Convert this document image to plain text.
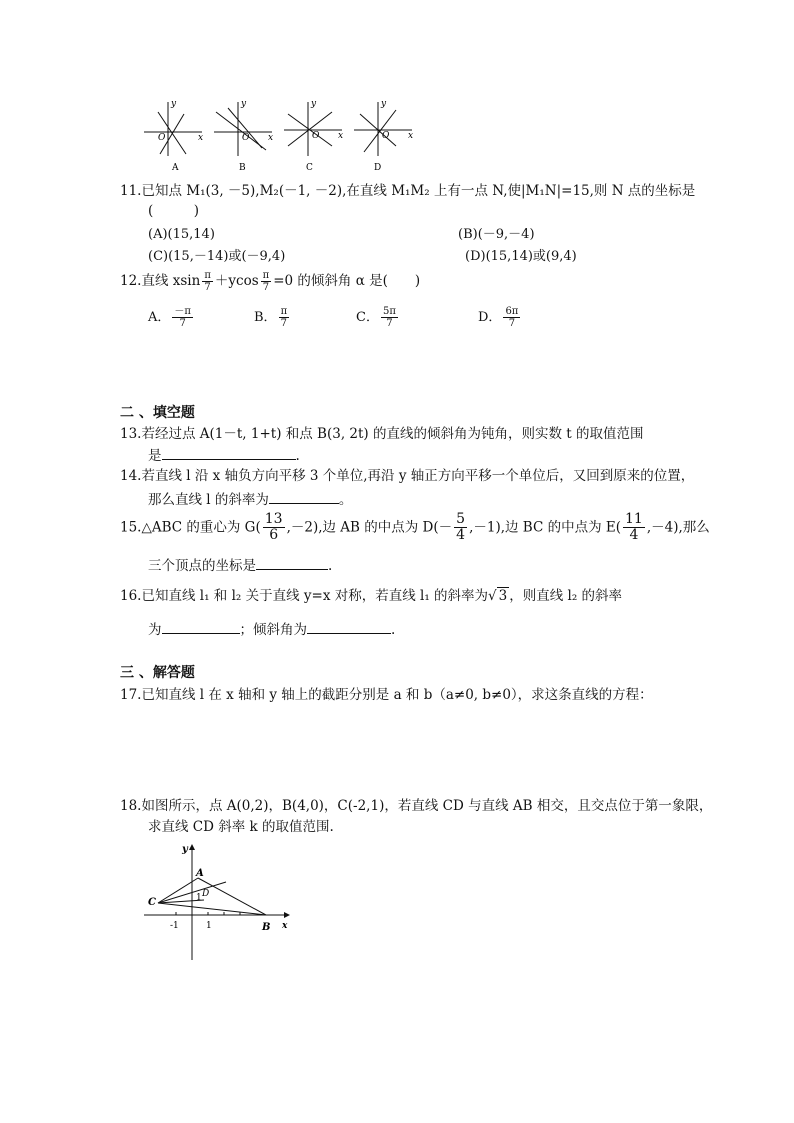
y
x
O
A
y
x
O
B
y
x
O
C
y
x
O
D
11.已知点 M₁(3, －5),M₂(－1, －2),在直线 M₁M₂ 上有一点 N,使|M₁N|=15,则 N 点的坐标是
(　　　)
(A)(15,14)	(B)(－9,－4)
(C)(15,－14)或(－9,4)	(D)(15,14)或(9,4)
12.直线 xsin $\frac{\pi}{7} +ycos \frac{\pi}{7} =0$ 的倾斜角 α 是(　　)
A． $\frac{-\pi}{7}$	B． $\frac{\pi}{7}$	C． $\frac{5\pi}{7}$	D． $\frac{6\pi}{7}$
二 、填空题
13.若经过点 A(1－t, 1+t) 和点 B(3, 2t) 的直线的倾斜角为钝角，则实数 t 的取值范围
是	.
14.若直线 l 沿 x 轴负方向平移 3 个单位,再沿 y 轴正方向平移一个单位后，又回到原来的位置，
那么直线 l 的斜率为	。
15.△ABC 的重心为 $G( \frac{13}{6} ,-2)$,边 AB 的中点为 $D(- \frac{5}{4} ,-1)$,边 BC 的中点为 $E( \frac{11}{4} ,-4)$,那么
三个顶点的坐标是	.
16.已知直线 l₁ 和 l₂ 关于直线 y=x 对称，若直线 l₁ 的斜率为√ 3 ，则直线 l₂ 的斜率
为	；倾斜角为	.
三 、解答题
17.已知直线 l 在 x 轴和 y 轴上的截距分别是 a 和 b（a≠0, b≠0），求这条直线的方程：
18.如图所示，点 A(0,2)，B(4,0)，C(-2,1)，若直线 CD 与直线 AB 相交，且交点位于第一象限，
求直线 CD 斜率 k 的取值范围.
y
A
C
D
1
B x
-1	1
